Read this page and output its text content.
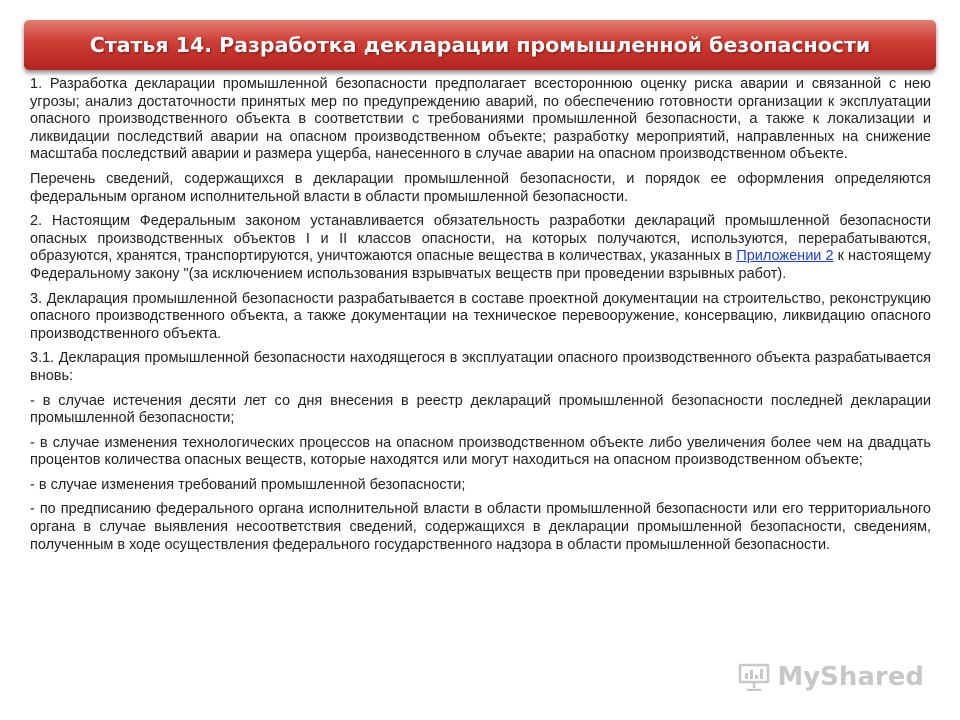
Статья 14. Разработка декларации промышленной безопасности

1. Разработка декларации промышленной безопасности предполагает всестороннюю оценку риска аварии и связанной с нею угрозы; анализ достаточности принятых мер по предупреждению аварий, по обеспечению готовности организации к эксплуатации опасного производственного объекта в соответствии с требованиями промышленной безопасности, а также к локализации и ликвидации последствий аварии на опасном производственном объекте; разработку мероприятий, направленных на снижение масштаба последствий аварии и размера ущерба, нанесенного в случае аварии на опасном производственном объекте.

Перечень сведений, содержащихся в декларации промышленной безопасности, и порядок ее оформления определяются федеральным органом исполнительной власти в области промышленной безопасности.

2. Настоящим Федеральным законом устанавливается обязательность разработки деклараций промышленной безопасности опасных производственных объектов I и II классов опасности, на которых получаются, используются, перерабатываются, образуются, хранятся, транспортируются, уничтожаются опасные вещества в количествах, указанных в Приложении 2 к настоящему Федеральному закону "(за исключением использования взрывчатых веществ при проведении взрывных работ).

3. Декларация промышленной безопасности разрабатывается в составе проектной документации на строительство, реконструкцию опасного производственного объекта, а также документации на техническое перевооружение, консервацию, ликвидацию опасного производственного объекта.

3.1. Декларация промышленной безопасности находящегося в эксплуатации опасного производственного объекта разрабатывается вновь:

- в случае истечения десяти лет со дня внесения в реестр деклараций промышленной безопасности последней декларации промышленной безопасности;

- в случае изменения технологических процессов на опасном производственном объекте либо увеличения более чем на двадцать процентов количества опасных веществ, которые находятся или могут находиться на опасном производственном объекте;

- в случае изменения требований промышленной безопасности;

- по предписанию федерального органа исполнительной власти в области промышленной безопасности или его территориального органа в случае выявления несоответствия сведений, содержащихся в декларации промышленной безопасности, сведениям, полученным в ходе осуществления федерального государственного надзора в области промышленной безопасности.

MyShared
